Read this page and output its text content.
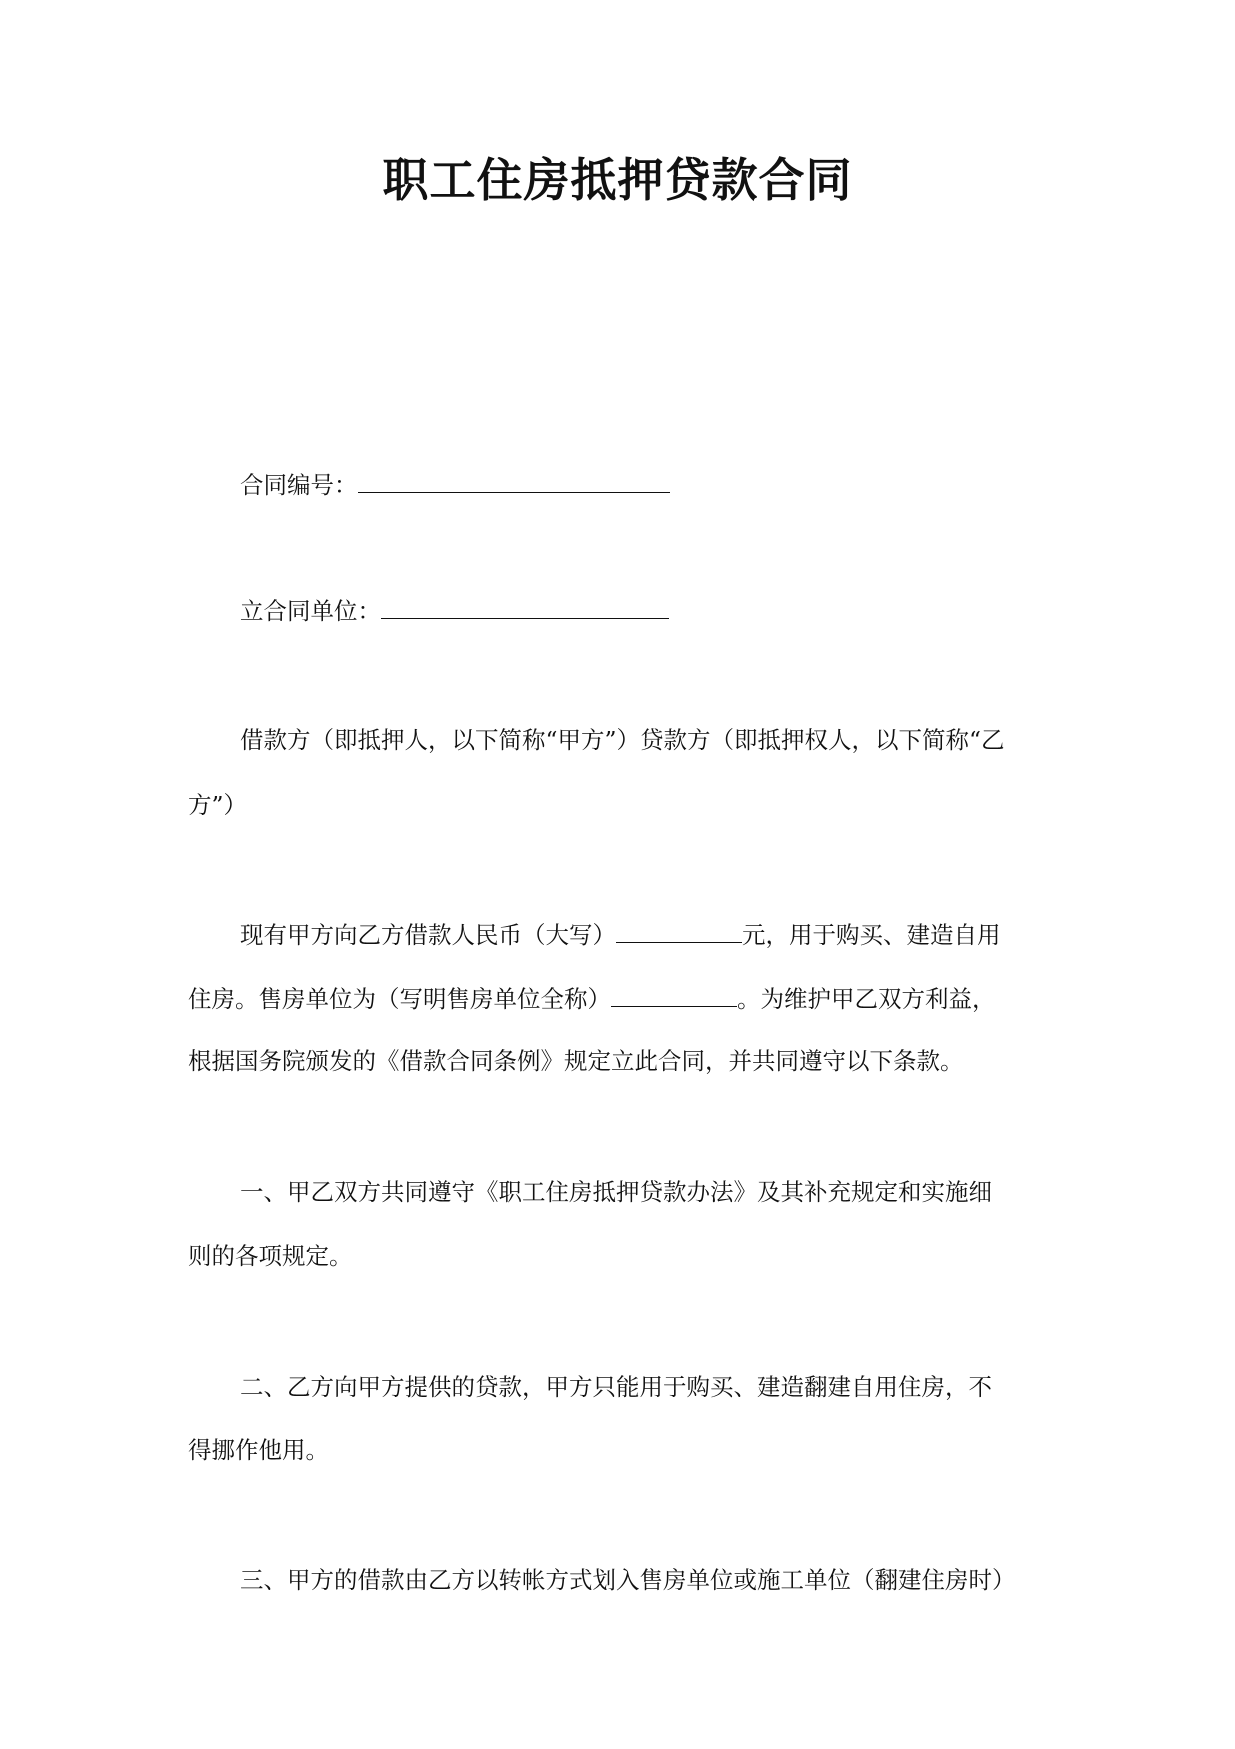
职工住房抵押贷款合同
合同编号：
立合同单位：
借款方（即抵押人，以下简称“甲方”）贷款方（即抵押权人，以下简称“乙
方”）
现有甲方向乙方借款人民币（大写）	元，用于购买、建造自用
住房。售房单位为（写明售房单位全称）	。为维护甲乙双方利益，
根据国务院颁发的《借款合同条例》规定立此合同，并共同遵守以下条款。
一、甲乙双方共同遵守《职工住房抵押贷款办法》及其补充规定和实施细
则的各项规定。
二、乙方向甲方提供的贷款，甲方只能用于购买、建造翻建自用住房，不
得挪作他用。
三、甲方的借款由乙方以转帐方式划入售房单位或施工单位（翻建住房时）
